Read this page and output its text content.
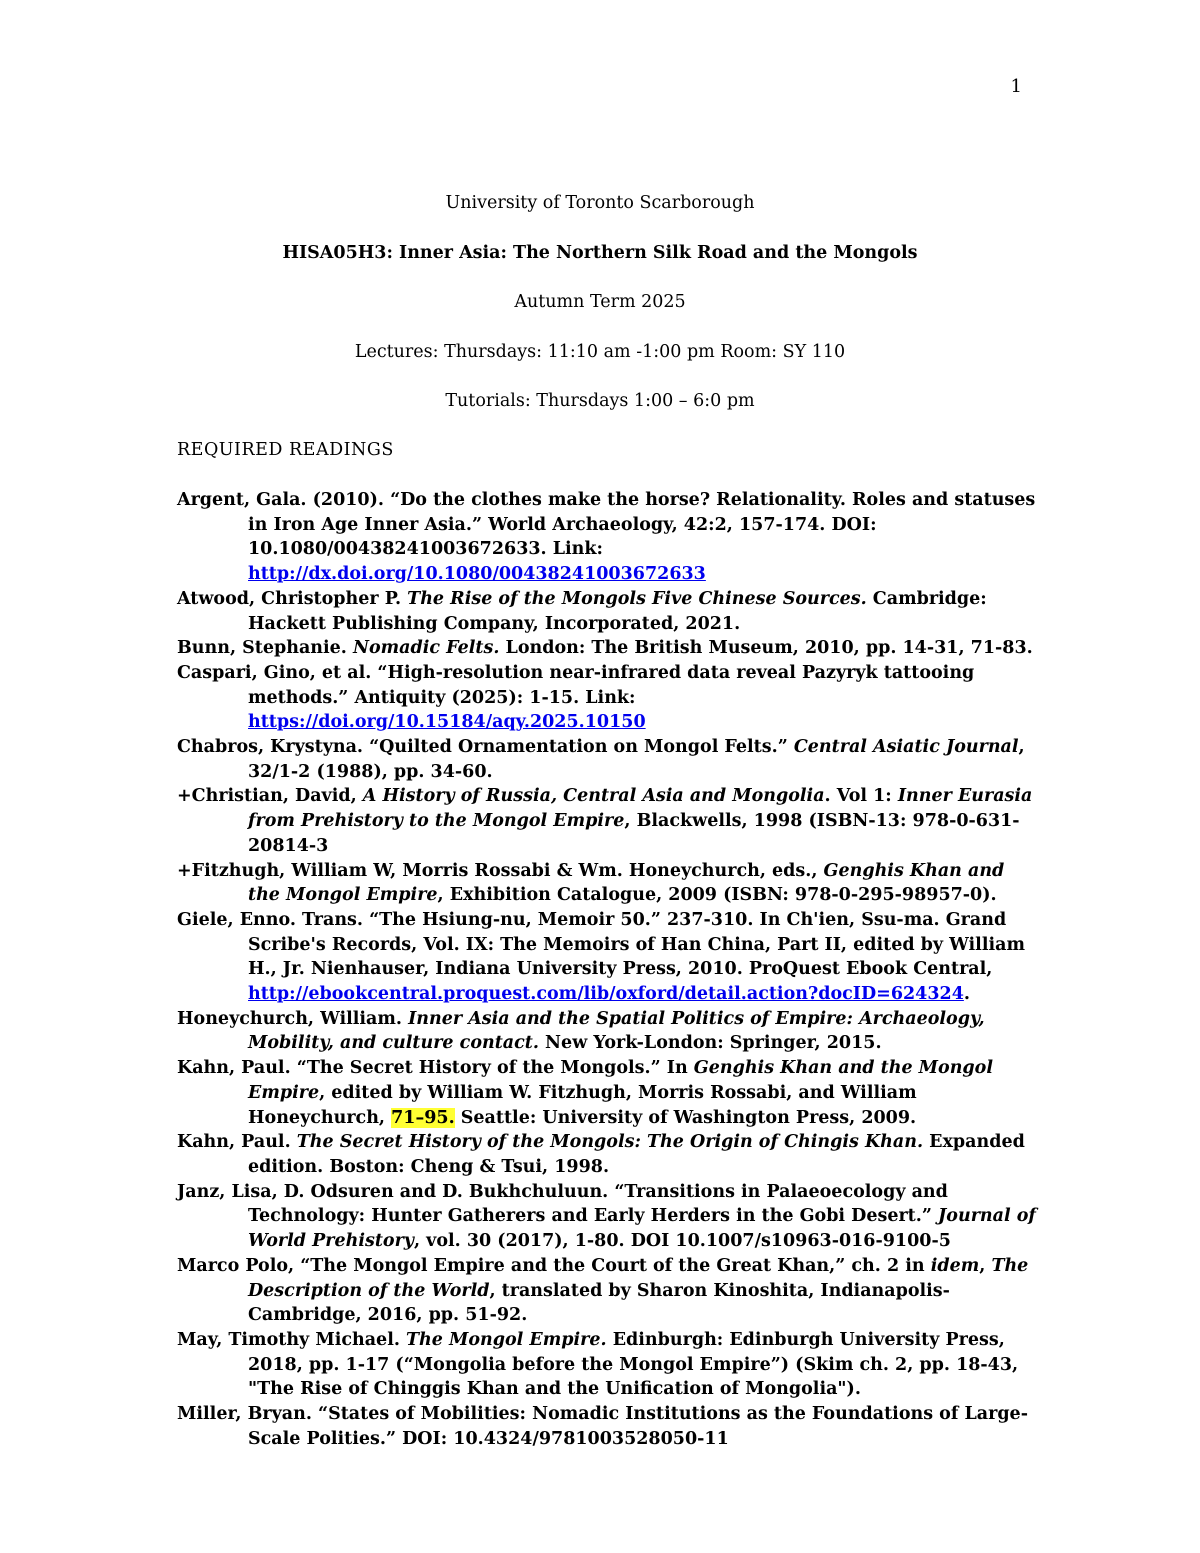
1
University of Toronto Scarborough
HISA05H3: Inner Asia: The Northern Silk Road and the Mongols
Autumn Term 2025
Lectures: Thursdays: 11:10 am -1:00 pm Room: SY 110
Tutorials: Thursdays 1:00 – 6:0 pm
REQUIRED READINGS
Argent, Gala. (2010). “Do the clothes make the horse? Relationality. Roles and statuses in Iron Age Inner Asia.” World Archaeology, 42:2, 157-174. DOI: 10.1080/00438241003672633. Link: http://dx.doi.org/10.1080/00438241003672633
Atwood, Christopher P. The Rise of the Mongols Five Chinese Sources. Cambridge: Hackett Publishing Company, Incorporated, 2021.
Bunn, Stephanie. Nomadic Felts. London: The British Museum, 2010, pp. 14-31, 71-83.
Caspari, Gino, et al. “High-resolution near-infrared data reveal Pazyryk tattooing methods.” Antiquity (2025): 1-15. Link: https://doi.org/10.15184/aqy.2025.10150
Chabros, Krystyna. “Quilted Ornamentation on Mongol Felts.” Central Asiatic Journal, 32/1-2 (1988), pp. 34-60.
+Christian, David, A History of Russia, Central Asia and Mongolia. Vol 1: Inner Eurasia from Prehistory to the Mongol Empire, Blackwells, 1998 (ISBN-13: 978-0-631-20814-3
+Fitzhugh, William W, Morris Rossabi & Wm. Honeychurch, eds., Genghis Khan and the Mongol Empire, Exhibition Catalogue, 2009 (ISBN: 978-0-295-98957-0).
Giele, Enno. Trans. “The Hsiung-nu, Memoir 50.” 237-310. In Ch'ien, Ssu-ma. Grand Scribe's Records, Vol. IX: The Memoirs of Han China, Part II, edited by William H., Jr. Nienhauser, Indiana University Press, 2010. ProQuest Ebook Central, http://ebookcentral.proquest.com/lib/oxford/detail.action?docID=624324.
Honeychurch, William. Inner Asia and the Spatial Politics of Empire: Archaeology, Mobility, and culture contact. New York-London: Springer, 2015.
Kahn, Paul. “The Secret History of the Mongols.” In Genghis Khan and the Mongol Empire, edited by William W. Fitzhugh, Morris Rossabi, and William Honeychurch, 71–95. Seattle: University of Washington Press, 2009.
Kahn, Paul. The Secret History of the Mongols: The Origin of Chingis Khan. Expanded edition. Boston: Cheng & Tsui, 1998.
Janz, Lisa, D. Odsuren and D. Bukhchuluun. “Transitions in Palaeoecology and Technology: Hunter Gatherers and Early Herders in the Gobi Desert.” Journal of World Prehistory, vol. 30 (2017), 1-80. DOI 10.1007/s10963-016-9100-5
Marco Polo, “The Mongol Empire and the Court of the Great Khan,” ch. 2 in idem, The Description of the World, translated by Sharon Kinoshita, Indianapolis-Cambridge, 2016, pp. 51-92.
May, Timothy Michael. The Mongol Empire. Edinburgh: Edinburgh University Press, 2018, pp. 1-17 (“Mongolia before the Mongol Empire”) (Skim ch. 2, pp. 18-43, "The Rise of Chinggis Khan and the Unification of Mongolia").
Miller, Bryan. “States of Mobilities: Nomadic Institutions as the Foundations of Large-Scale Polities.” DOI: 10.4324/9781003528050-11
